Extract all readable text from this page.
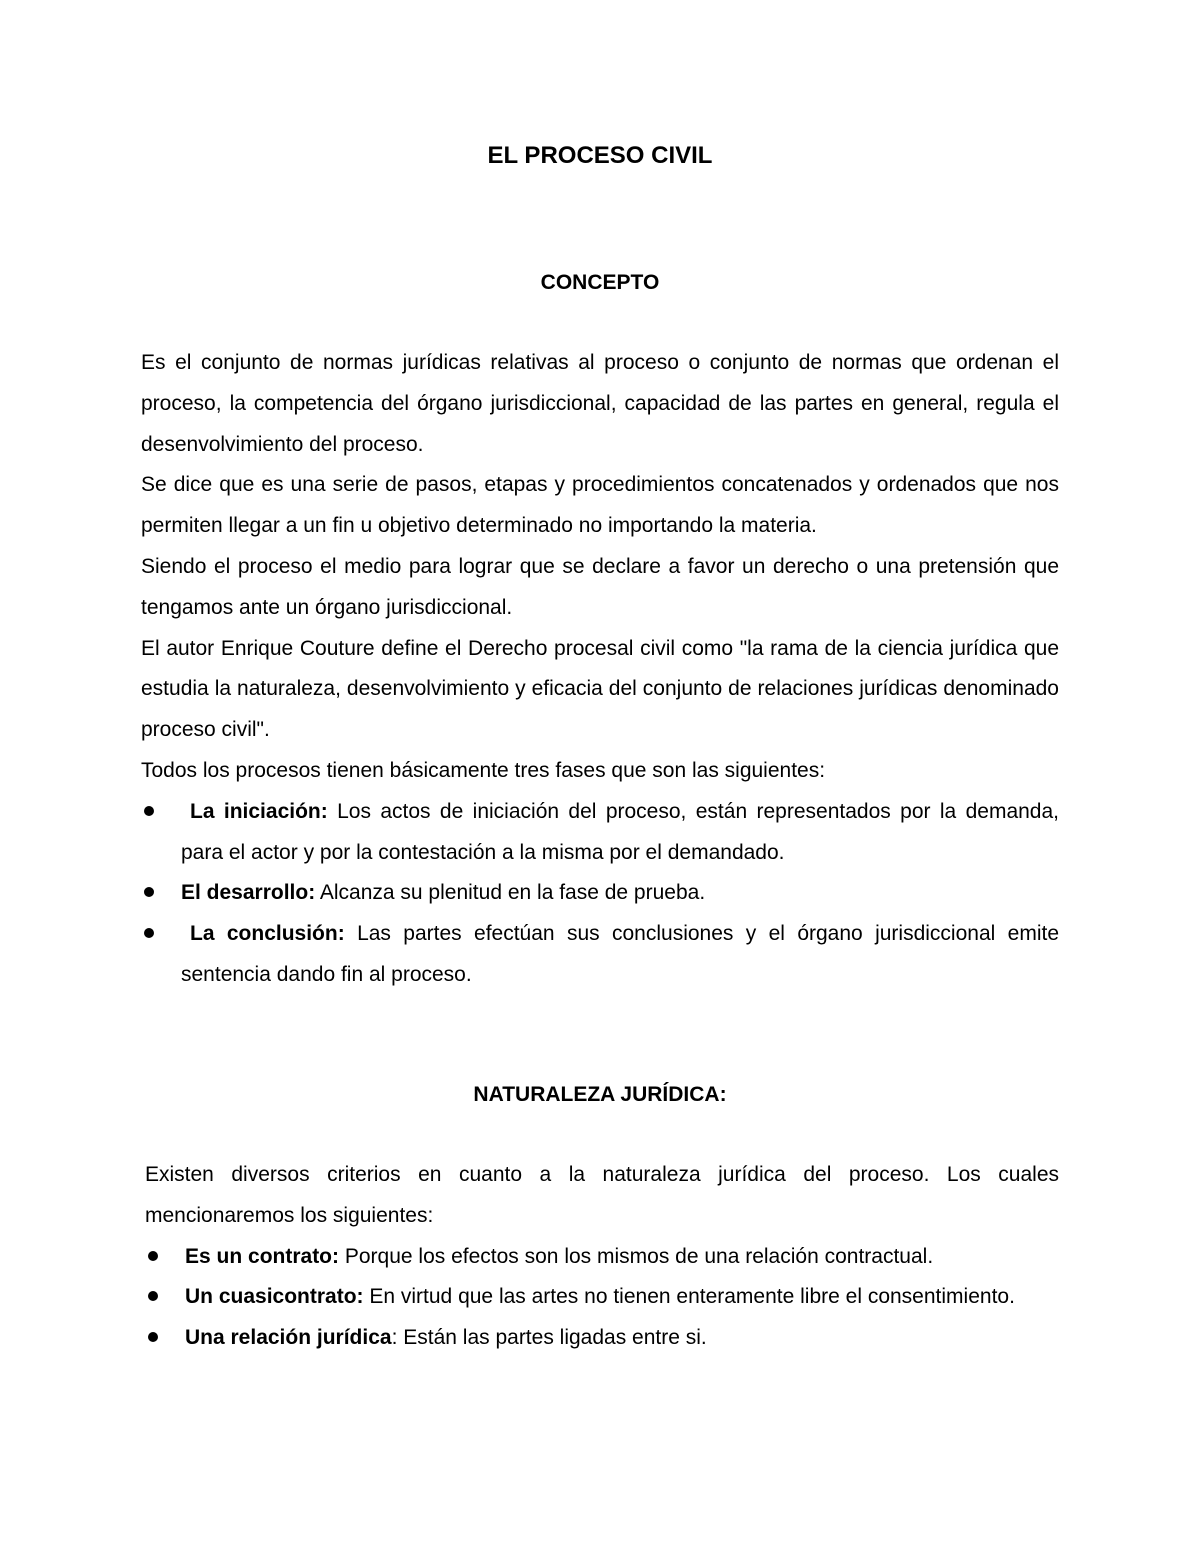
EL PROCESO CIVIL
CONCEPTO

Es el conjunto de normas jurídicas relativas al proceso o conjunto de normas que ordenan el proceso, la competencia del órgano jurisdiccional, capacidad de las partes en general, regula el desenvolvimiento del proceso.

Se dice que es una serie de pasos, etapas y procedimientos concatenados y ordenados que nos permiten llegar a un fin u objetivo determinado no importando la materia.

Siendo el proceso el medio para lograr que se declare a favor un derecho o una pretensión que tengamos ante un órgano jurisdiccional.

El autor Enrique Couture define el Derecho procesal civil como "la rama de la ciencia jurídica que estudia la naturaleza, desenvolvimiento y eficacia del conjunto de relaciones jurídicas denominado proceso civil".

Todos los procesos tienen básicamente tres fases que son las siguientes:

La iniciación: Los actos de iniciación del proceso, están representados por la demanda, para el actor y por la contestación a la misma por el demandado.
El desarrollo: Alcanza su plenitud en la fase de prueba.
La conclusión: Las partes efectúan sus conclusiones y el órgano jurisdiccional emite sentencia dando fin al proceso.
NATURALEZA JURÍDICA:

Existen diversos criterios en cuanto a la naturaleza jurídica del proceso. Los cuales mencionaremos los siguientes:

Es un contrato: Porque los efectos son los mismos de una relación contractual.
Un cuasicontrato: En virtud que las artes no tienen enteramente libre el consentimiento.
Una relación jurídica: Están las partes ligadas entre si.
